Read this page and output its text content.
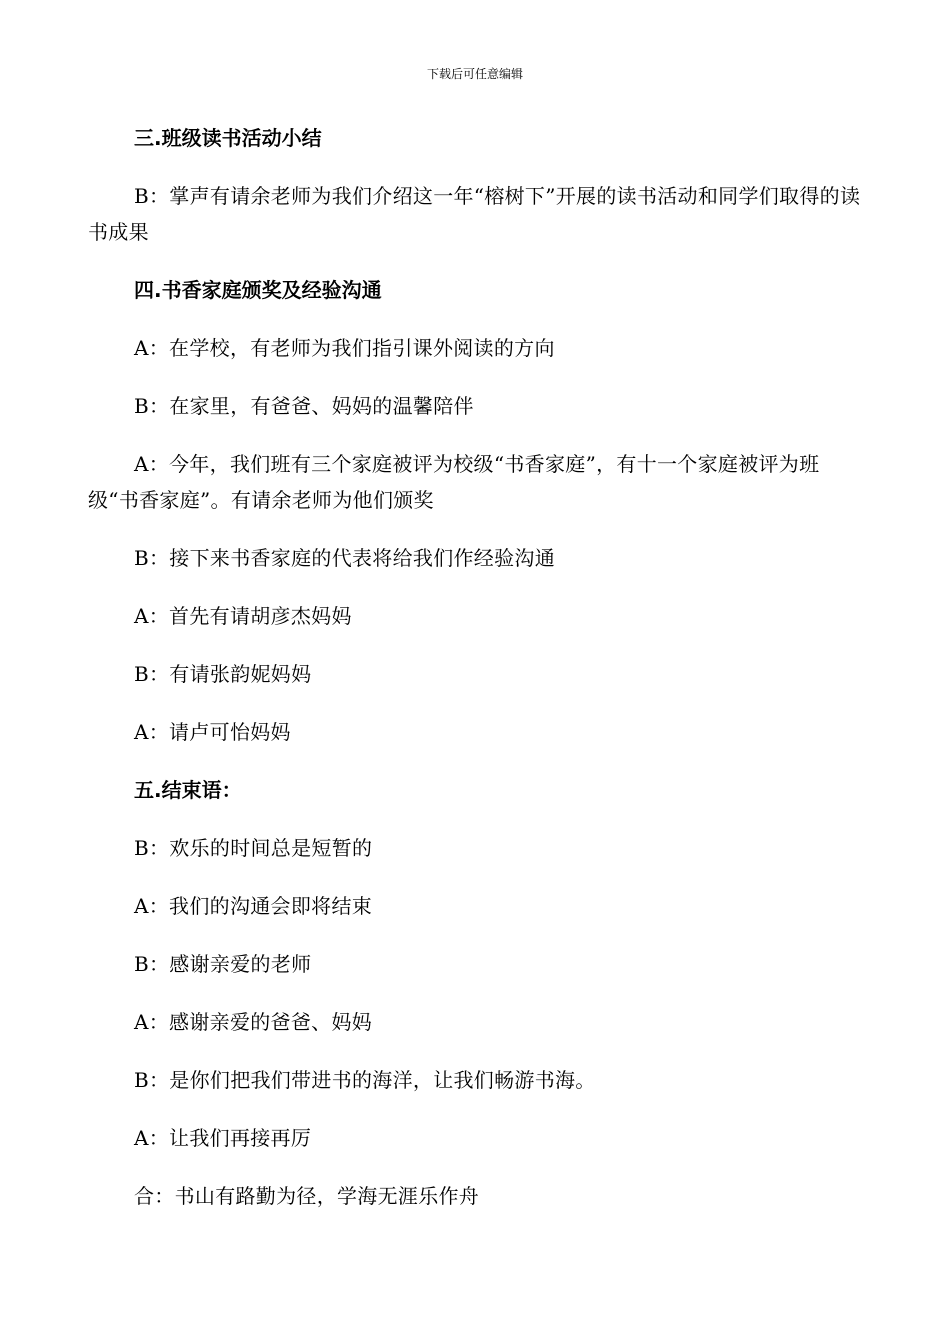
下载后可任意编辑
三.班级读书活动小结
B：掌声有请余老师为我们介绍这一年“榕树下”开展的读书活动和同学们取得的读书成果
四.书香家庭颁奖及经验沟通
A：在学校，有老师为我们指引课外阅读的方向
B：在家里，有爸爸、妈妈的温馨陪伴
A：今年，我们班有三个家庭被评为校级“书香家庭”，有十一个家庭被评为班级“书香家庭”。有请余老师为他们颁奖
B：接下来书香家庭的代表将给我们作经验沟通
A：首先有请胡彦杰妈妈
B：有请张韵妮妈妈
A：请卢可怡妈妈
五.结束语：
B：欢乐的时间总是短暂的
A：我们的沟通会即将结束
B：感谢亲爱的老师
A：感谢亲爱的爸爸、妈妈
B：是你们把我们带进书的海洋，让我们畅游书海。
A：让我们再接再厉
合：书山有路勤为径，学海无涯乐作舟
